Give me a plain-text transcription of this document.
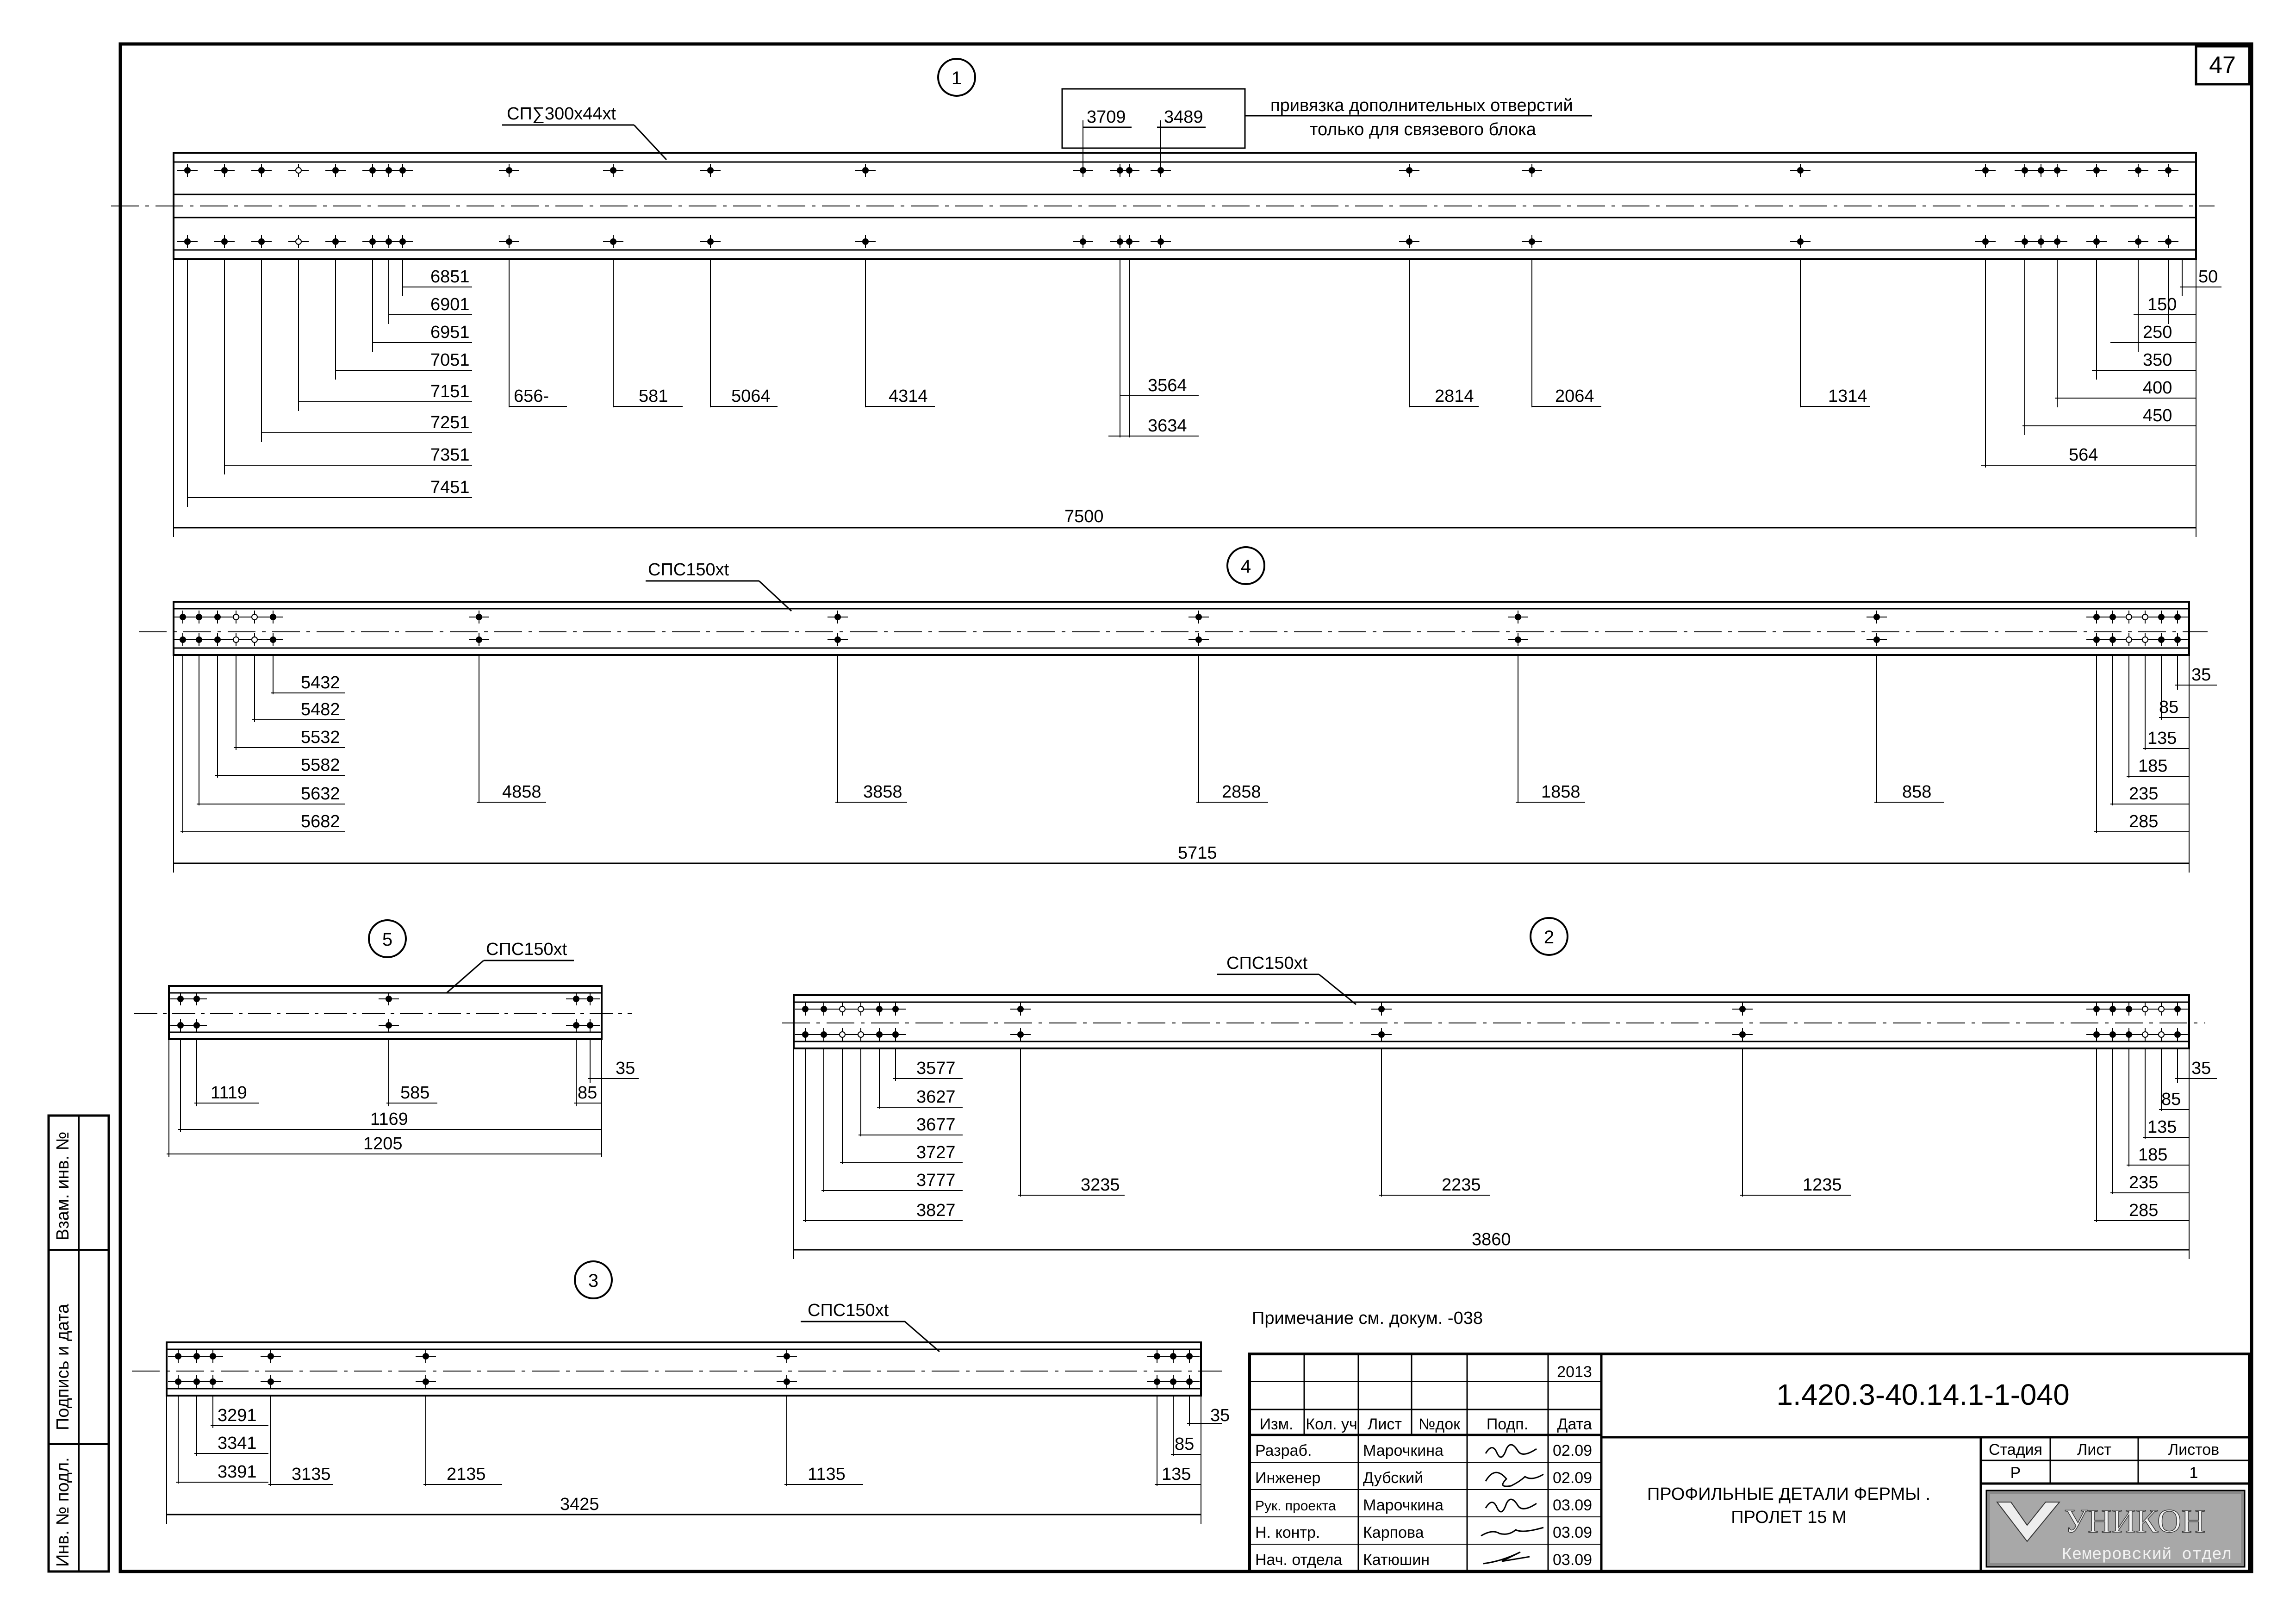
47
Взам. инв. №
Подпись и дата
Инв. № подл.
1
СП∑300х44хt	3709 3489
привязка дополнительных отверстий
только для связевого блока
7500
6851
6901
6951
7051
7151
7251
7351
7451
656-	581	5064	4314
3564
3634
2814	2064	1314
50
150
250
350
400
450
564
4
СПС150хt
5715
5432
5482
5532
5582
5632
5682
4858	3858	2858	1858	858
35
85
135
185
235
285
5	СПС150хt
1119	585	85
35
1169
1205
2
СПС150хt
3860
3577
3627
3677
3727
3777
3827
3235	2235	1235
35
85
135
185
235
285
3
СПС150хt
3425
3291
3341
3391 3135	2135	1135
35
85
135
Примечание см. докум. -038
2013
1.420.3-40.14.1-1-040
Изм. Кол. уч Лист №док Подп. Дата
Разраб.	Марочкина	02.09
Инженер	Дубский	02.09
Рук. проекта Марочкина	03.09
Н. контр.	Карпова	03.09
Нач. отдела Катюшин	03.09
ПРОФИЛЬНЫЕ ДЕТАЛИ ФЕРМЫ .
ПРОЛЕТ 15 М
Стадия Лист	Листов
Р	1
УНИКОН
Кемеровский отдел
